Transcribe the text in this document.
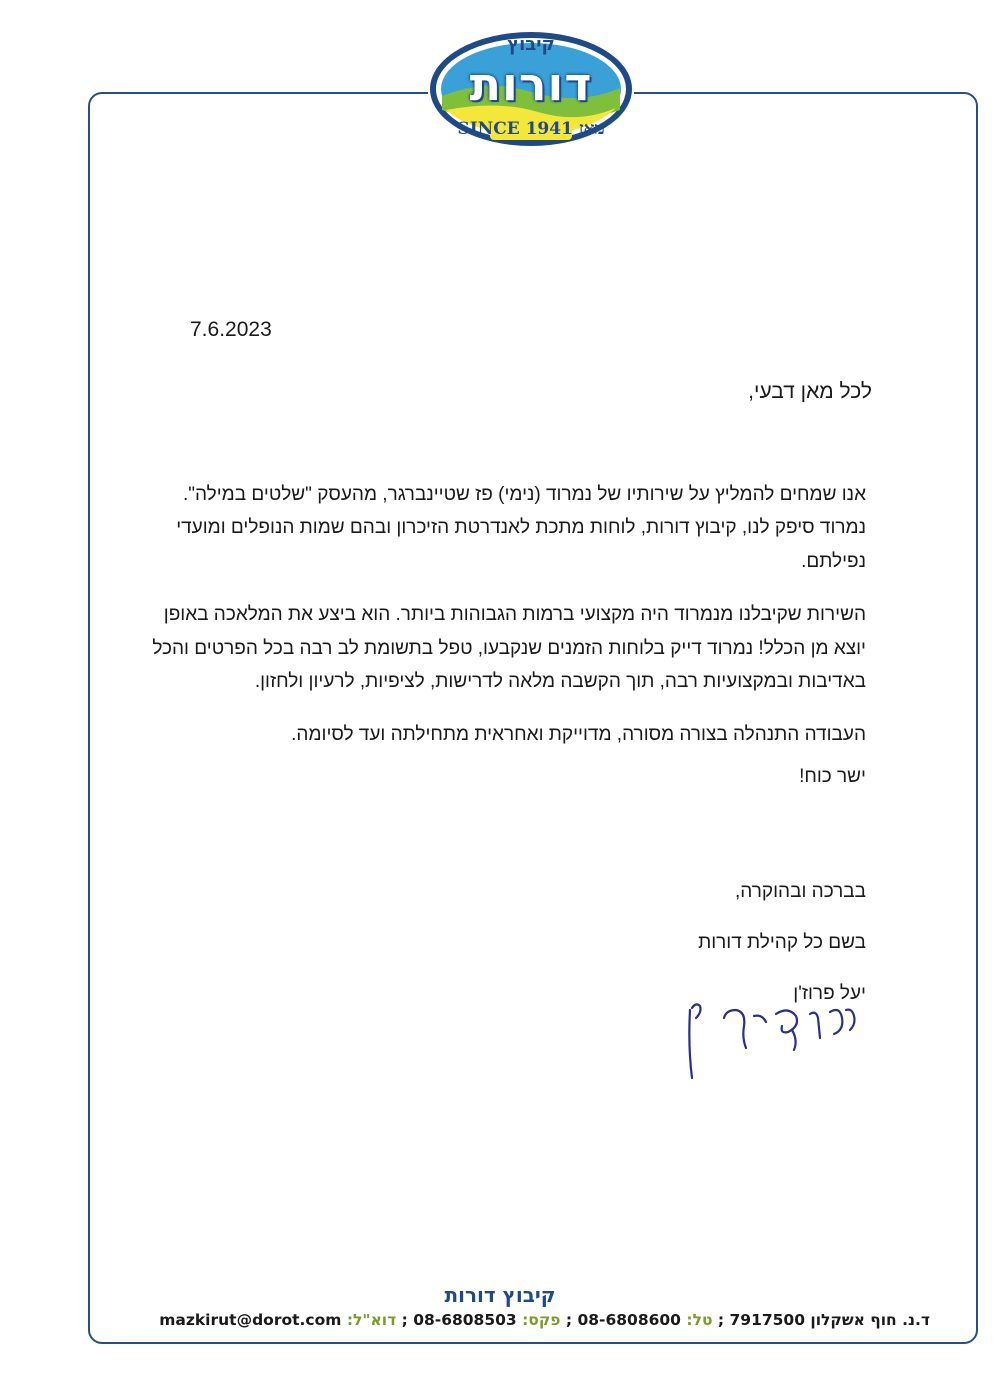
קיבוץ
דורות
SINCE 1941 מאז
7.6.2023
לכל מאן דבעי,

אנו שמחים להמליץ על שירותיו של נמרוד (נימי) פז שטיינברגר, מהעסק "שלטים במילה". נמרוד סיפק לנו, קיבוץ דורות, לוחות מתכת לאנדרטת הזיכרון ובהם שמות הנופלים ומועדי נפילתם.

השירות שקיבלנו מנמרוד היה מקצועי ברמות הגבוהות ביותר. הוא ביצע את המלאכה באופן יוצא מן הכלל! נמרוד דייק בלוחות הזמנים שנקבעו, טפל בתשומת לב רבה בכל הפרטים והכל באדיבות ובמקצועיות רבה, תוך הקשבה מלאה לדרישות, לציפיות, לרעיון ולחזון.

העבודה התנהלה בצורה מסורה, מדוייקת ואחראית מתחילתה ועד לסיומה.

ישר כוח!

בברכה ובהוקרה,
בשם כל קהילת דורות
יעל פרוז'ן
קיבוץ דורות
ד.נ. חוף אשקלון 7917500 ; טל: 08-6808600 ; פקס: 08-6808503 ; דוא"ל: mazkirut@dorot.com
